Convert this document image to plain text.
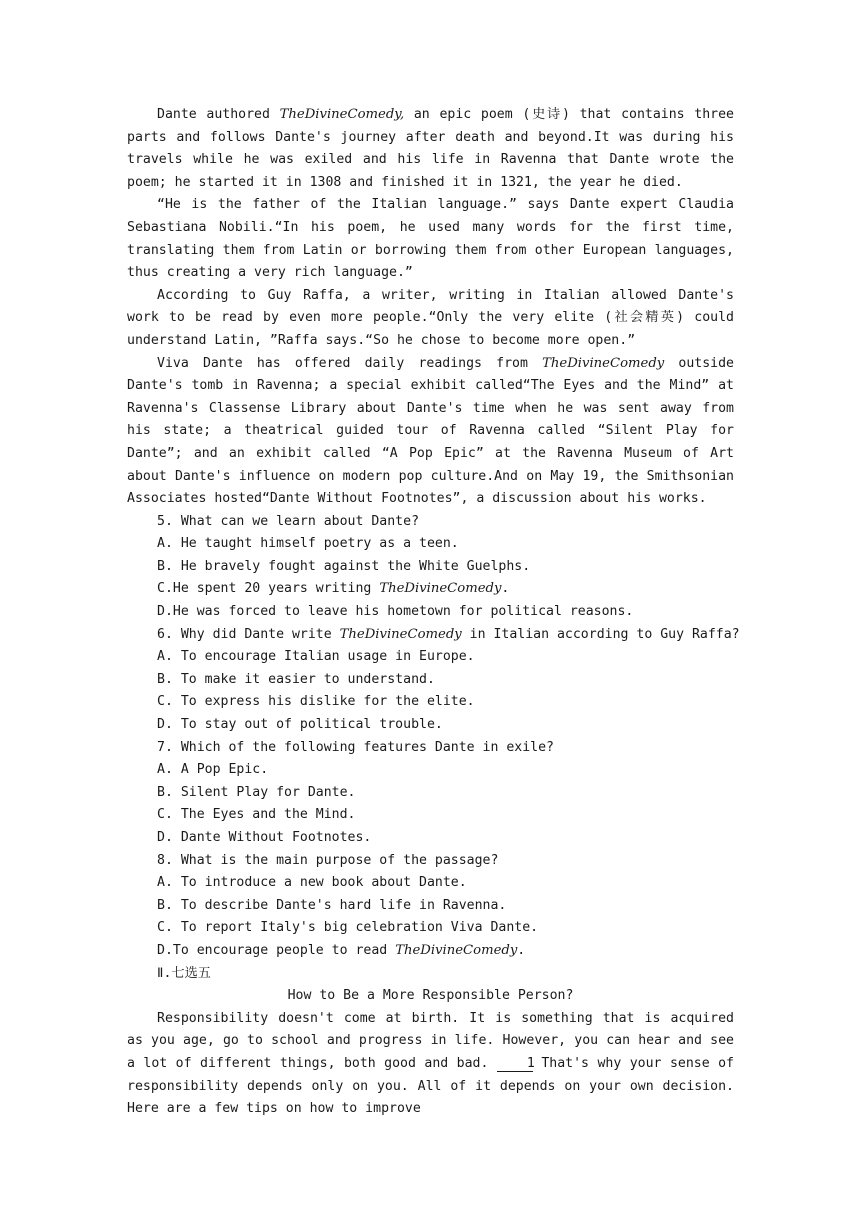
Dante authored TheDivineComedy, an epic poem (史诗) that contains three parts and follows Dante's journey after death and beyond.It was during his travels while he was exiled and his life in Ravenna that Dante wrote the poem; he started it in 1308 and finished it in 1321, the year he died.

“He is the father of the Italian language.” says Dante expert Claudia Sebastiana Nobili.“In his poem, he used many words for the first time, translating them from Latin or borrowing them from other European languages, thus creating a very rich language.”

According to Guy Raffa, a writer, writing in Italian allowed Dante's work to be read by even more people.“Only the very elite (社会精英) could understand Latin, ”Raffa says.“So he chose to become more open.”

Viva Dante has offered daily readings from TheDivineComedy outside Dante's tomb in Ravenna; a special exhibit called“The Eyes and the Mind” at Ravenna's Classense Library about Dante's time when he was sent away from his state; a theatrical guided tour of Ravenna called “Silent Play for Dante”; and an exhibit called “A Pop Epic” at the Ravenna Museum of Art about Dante's influence on modern pop culture.And on May 19, the Smithsonian Associates hosted“Dante Without Footnotes”, a discussion about his works.

5. What can we learn about Dante?

A. He taught himself poetry as a teen.

B. He bravely fought against the White Guelphs.

C.He spent 20 years writing TheDivineComedy.

D.He was forced to leave his hometown for political reasons.

6. Why did Dante write TheDivineComedy in Italian according to Guy Raffa?

A. To encourage Italian usage in Europe.

B. To make it easier to understand.

C. To express his dislike for the elite.

D. To stay out of political trouble.

7. Which of the following features Dante in exile?

A. A Pop Epic.

B. Silent Play for Dante.

C. The Eyes and the Mind.

D. Dante Without Footnotes.

8. What is the main purpose of the passage?

A. To introduce a new book about Dante.

B. To describe Dante's hard life in Ravenna.

C. To report Italy's big celebration Viva Dante.

D.To encourage people to read TheDivineComedy.

Ⅱ.七选五

How to Be a More Responsible Person?

Responsibility doesn't come at birth. It is something that is acquired as you age, go to school and progress in life. However, you can hear and see a lot of different things, both good and bad. 1 That's why your sense of responsibility depends only on you. All of it depends on your own decision. Here are a few tips on how to improve
